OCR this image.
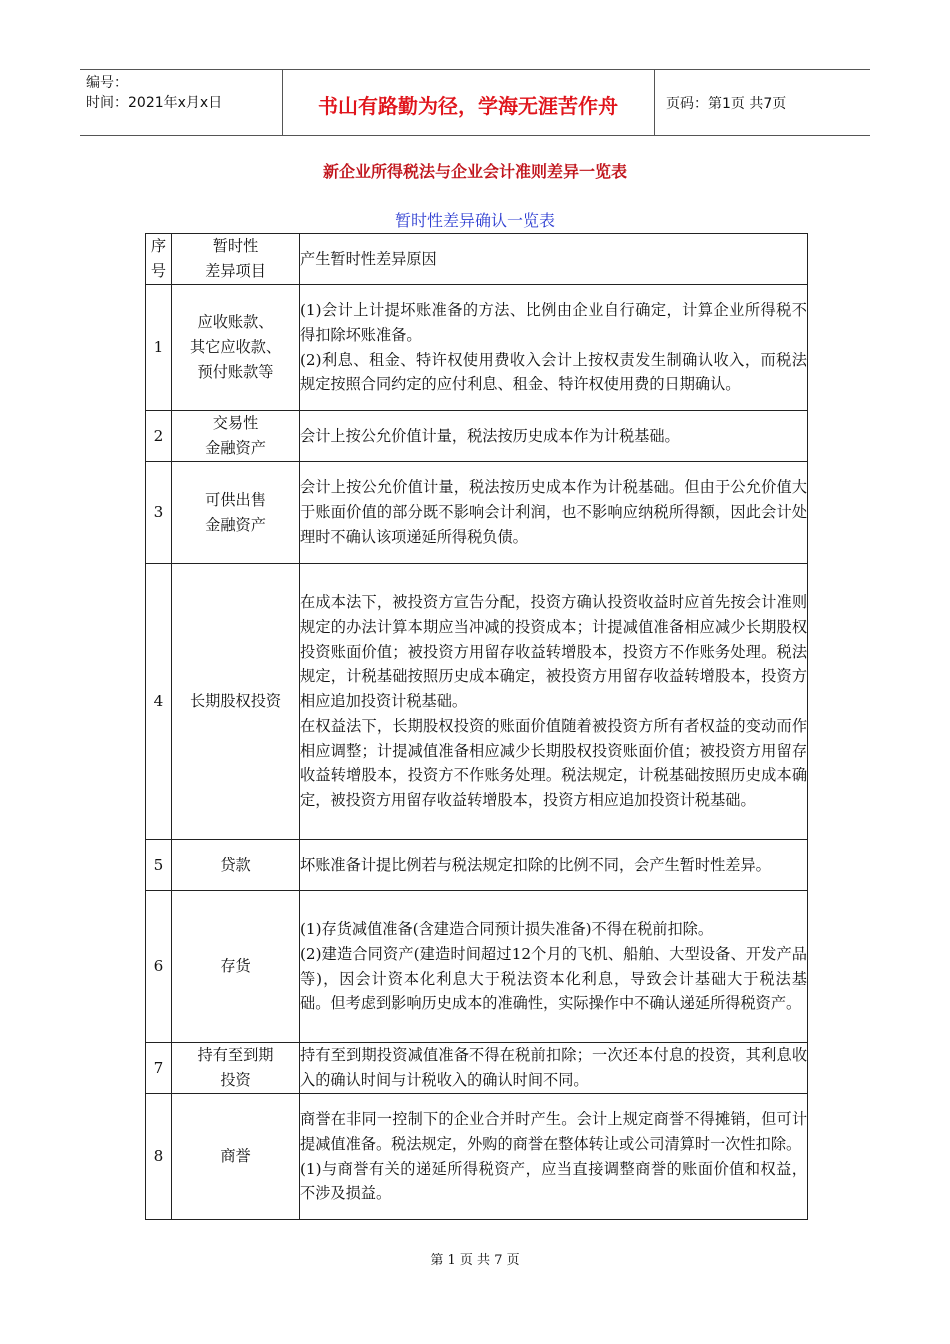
编号：
时间：2021年x月x日	书山有路勤为径，学海无涯苦作舟	页码：第1页 共7页
新企业所得税法与企业会计准则差异一览表
暂时性差异确认一览表
序号	暂时性
差异项目	产生暂时性差异原因
1	应收账款、
其它应收款、
预付账款等	(1)会计上计提坏账准备的方法、比例由企业自行确定，计算企业所得税不得扣除坏账准备。
(2)利息、租金、特许权使用费收入会计上按权责发生制确认收入，而税法规定按照合同约定的应付利息、租金、特许权使用费的日期确认。
2	交易性
金融资产	会计上按公允价值计量，税法按历史成本作为计税基础。
3	可供出售
金融资产	会计上按公允价值计量，税法按历史成本作为计税基础。但由于公允价值大于账面价值的部分既不影响会计利润，也不影响应纳税所得额，因此会计处理时不确认该项递延所得税负债。
4	长期股权投资	在成本法下，被投资方宣告分配，投资方确认投资收益时应首先按会计准则规定的办法计算本期应当冲减的投资成本；计提减值准备相应减少长期股权投资账面价值；被投资方用留存收益转增股本，投资方不作账务处理。税法规定，计税基础按照历史成本确定，被投资方用留存收益转增股本，投资方相应追加投资计税基础。
在权益法下，长期股权投资的账面价值随着被投资方所有者权益的变动而作相应调整；计提减值准备相应减少长期股权投资账面价值；被投资方用留存收益转增股本，投资方不作账务处理。税法规定，计税基础按照历史成本确定，被投资方用留存收益转增股本，投资方相应追加投资计税基础。
5	贷款	坏账准备计提比例若与税法规定扣除的比例不同，会产生暂时性差异。
6	存货	(1)存货减值准备(含建造合同预计损失准备)不得在税前扣除。
(2)建造合同资产(建造时间超过12个月的飞机、船舶、大型设备、开发产品等)，因会计资本化利息大于税法资本化利息，导致会计基础大于税法基础。但考虑到影响历史成本的准确性，实际操作中不确认递延所得税资产。
7	持有至到期
投资	持有至到期投资减值准备不得在税前扣除；一次还本付息的投资，其利息收入的确认时间与计税收入的确认时间不同。
8	商誉	商誉在非同一控制下的企业合并时产生。会计上规定商誉不得摊销，但可计提减值准备。税法规定，外购的商誉在整体转让或公司清算时一次性扣除。
(1)与商誉有关的递延所得税资产，应当直接调整商誉的账面价值和权益，不涉及损益。
第 1 页 共 7 页
